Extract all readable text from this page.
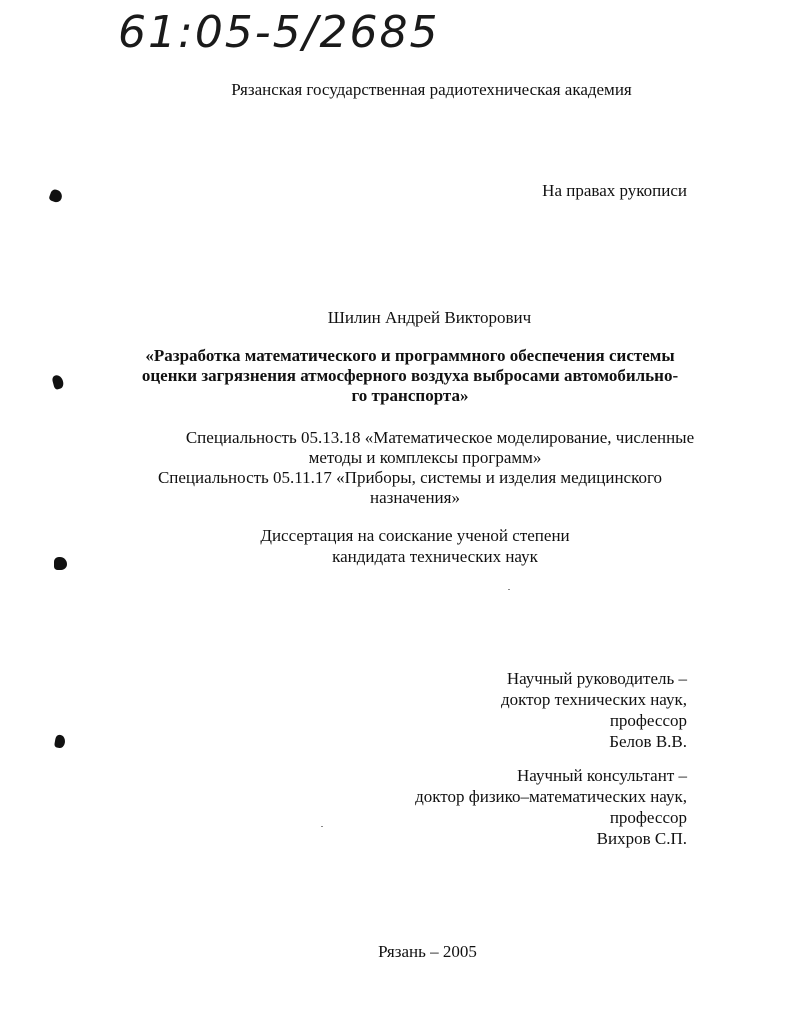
61:05-5/2685
Рязанская государственная радиотехническая академия
На правах рукописи
Шилин Андрей Викторович
«Разработка математического и программного обеспечения системы
оценки загрязнения атмосферного воздуха выбросами автомобильно-
го транспорта»
Специальность 05.13.18 «Математическое моделирование, численные
методы и комплексы программ»
Специальность 05.11.17 «Приборы, системы и изделия медицинского
назначения»
Диссертация на соискание ученой степени
кандидата технических наук
Научный руководитель –
доктор технических наук,
профессор
Белов В.В.
Научный консультант –
доктор физико–математических наук,
профессор
Вихров С.П.
Рязань – 2005
